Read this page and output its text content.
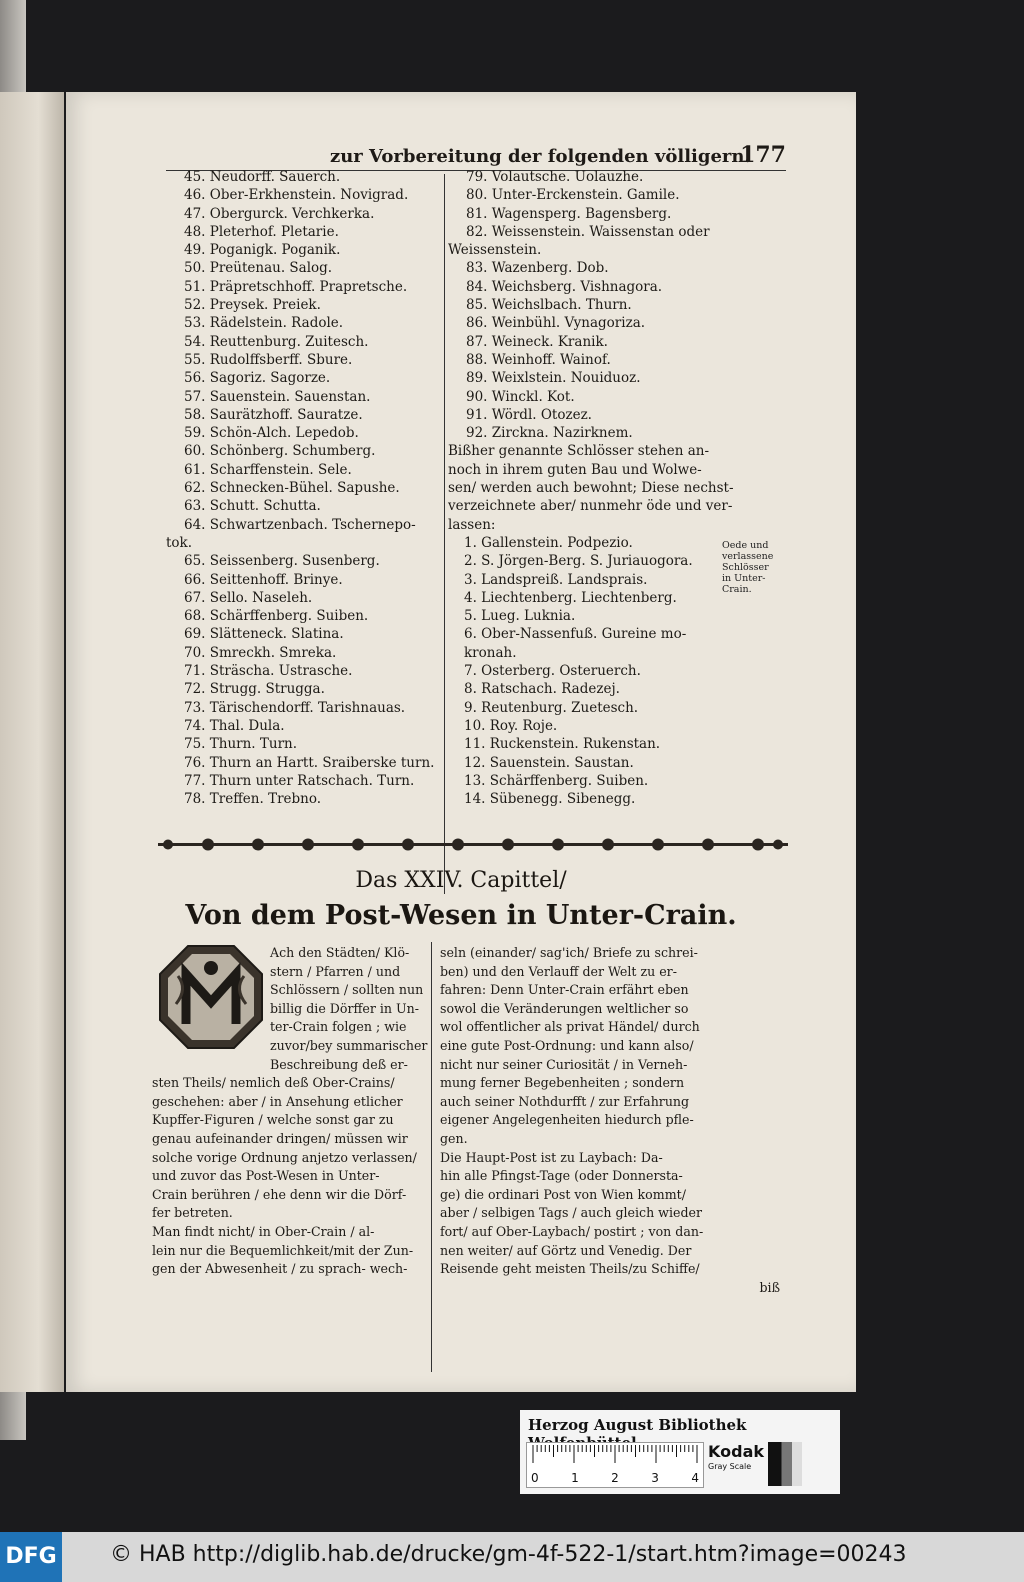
zur Vorbereitung der folgenden völligern.
177
45. Neudorff. Sauerch.
46. Ober-Erkhenstein. Novigrad.
47. Obergurck. Verchkerka.
48. Pleterhof. Pletarie.
49. Poganigk. Poganik.
50. Preütenau. Salog.
51. Präpretschhoff. Prapretsche.
52. Preysek. Preiek.
53. Rädelstein. Radole.
54. Reuttenburg. Zuitesch.
55. Rudolffsberff. Sbure.
56. Sagoriz. Sagorze.
57. Sauenstein. Sauenstan.
58. Saurätzhoff. Sauratze.
59. Schön-Alch. Lepedob.
60. Schönberg. Schumberg.
61. Scharffenstein. Sele.
62. Schnecken-Bühel. Sapushe.
63. Schutt. Schutta.
64. Schwartzenbach. Tschernepo-
tok.
65. Seissenberg. Susenberg.
66. Seittenhoff. Brinye.
67. Sello. Naseleh.
68. Schärffenberg. Suiben.
69. Slätteneck. Slatina.
70. Smreckh. Smreka.
71. Sträscha. Ustrasche.
72. Strugg. Strugga.
73. Tärischendorff. Tarishnauas.
74. Thal. Dula.
75. Thurn. Turn.
76. Thurn an Hartt. Sraiberske turn.
77. Thurn unter Ratschach. Turn.
78. Treffen. Trebno.
79. Volautsche. Uolauzhe.
80. Unter-Erckenstein. Gamile.
81. Wagensperg. Bagensberg.
82. Weissenstein. Waissenstan oder
Weissenstein.
83. Wazenberg. Dob.
84. Weichsberg. Vishnagora.
85. Weichslbach. Thurn.
86. Weinbühl. Vynagoriza.
87. Weineck. Kranik.
88. Weinhoff. Wainof.
89. Weixlstein. Nouiduoz.
90. Winckl. Kot.
91. Wördl. Otozez.
92. Zirckna. Nazirknem.
Bißher genannte Schlösser stehen an-
noch in ihrem guten Bau und Wolwe-
sen/ werden auch bewohnt; Diese nechst-
verzeichnete aber/ nunmehr öde und ver-
lassen:
1. Gallenstein. Podpezio.
2. S. Jörgen-Berg. S. Juriauogora.
3. Landspreiß. Landsprais.
4. Liechtenberg. Liechtenberg.
5. Lueg. Luknia.
6. Ober-Nassenfuß. Gureine mo-
kronah.
7. Osterberg. Osteruerch.
8. Ratschach. Radezej.
9. Reutenburg. Zuetesch.
10. Roy. Roje.
11. Ruckenstein. Rukenstan.
12. Sauenstein. Saustan.
13. Schärffenberg. Suiben.
14. Sübenegg. Sibenegg.
Oede und
verlassene
Schlösser
in Unter-
Crain.
Das XXIV. Capittel/
Von dem Post-Wesen in Unter-Crain.
Ach den Städten/ Klö-
stern / Pfarren / und
Schlössern / sollten nun
billig die Dörffer in Un-
ter-Crain folgen ; wie
zuvor/bey summarischer
Beschreibung deß er-
sten Theils/ nemlich deß Ober-Crains/
geschehen: aber / in Ansehung etlicher
Kupffer-Figuren / welche sonst gar zu
genau aufeinander dringen/ müssen wir
solche vorige Ordnung anjetzo verlassen/
und zuvor das Post-Wesen in Unter-
Crain berühren / ehe denn wir die Dörf-
fer betreten.
Man findt nicht/ in Ober-Crain / al-
lein nur die Bequemlichkeit/mit der Zun-
gen der Abwesenheit / zu sprach- wech-
seln (einander/ sag'ich/ Briefe zu schrei-
ben) und den Verlauff der Welt zu er-
fahren: Denn Unter-Crain erfährt eben
sowol die Veränderungen weltlicher so
wol offentlicher als privat Händel/ durch
eine gute Post-Ordnung: und kann also/
nicht nur seiner Curiosität / in Verneh-
mung ferner Begebenheiten ; sondern
auch seiner Nothdurfft / zur Erfahrung
eigener Angelegenheiten hiedurch pfle-
gen.
Die Haupt-Post ist zu Laybach: Da-
hin alle Pfingst-Tage (oder Donnersta-
ge) die ordinari Post von Wien kommt/
aber / selbigen Tags / auch gleich wieder
fort/ auf Ober-Laybach/ postirt ; von dan-
nen weiter/ auf Görtz und Venedig. Der
Reisende geht meisten Theils/zu Schiffe/
biß
Herzog August Bibliothek
0	1	2	3	4
Kodak
Gray Scale
DFG © HAB http://diglib.hab.de/drucke/gm-4f-522-1/start.htm?image=00243
